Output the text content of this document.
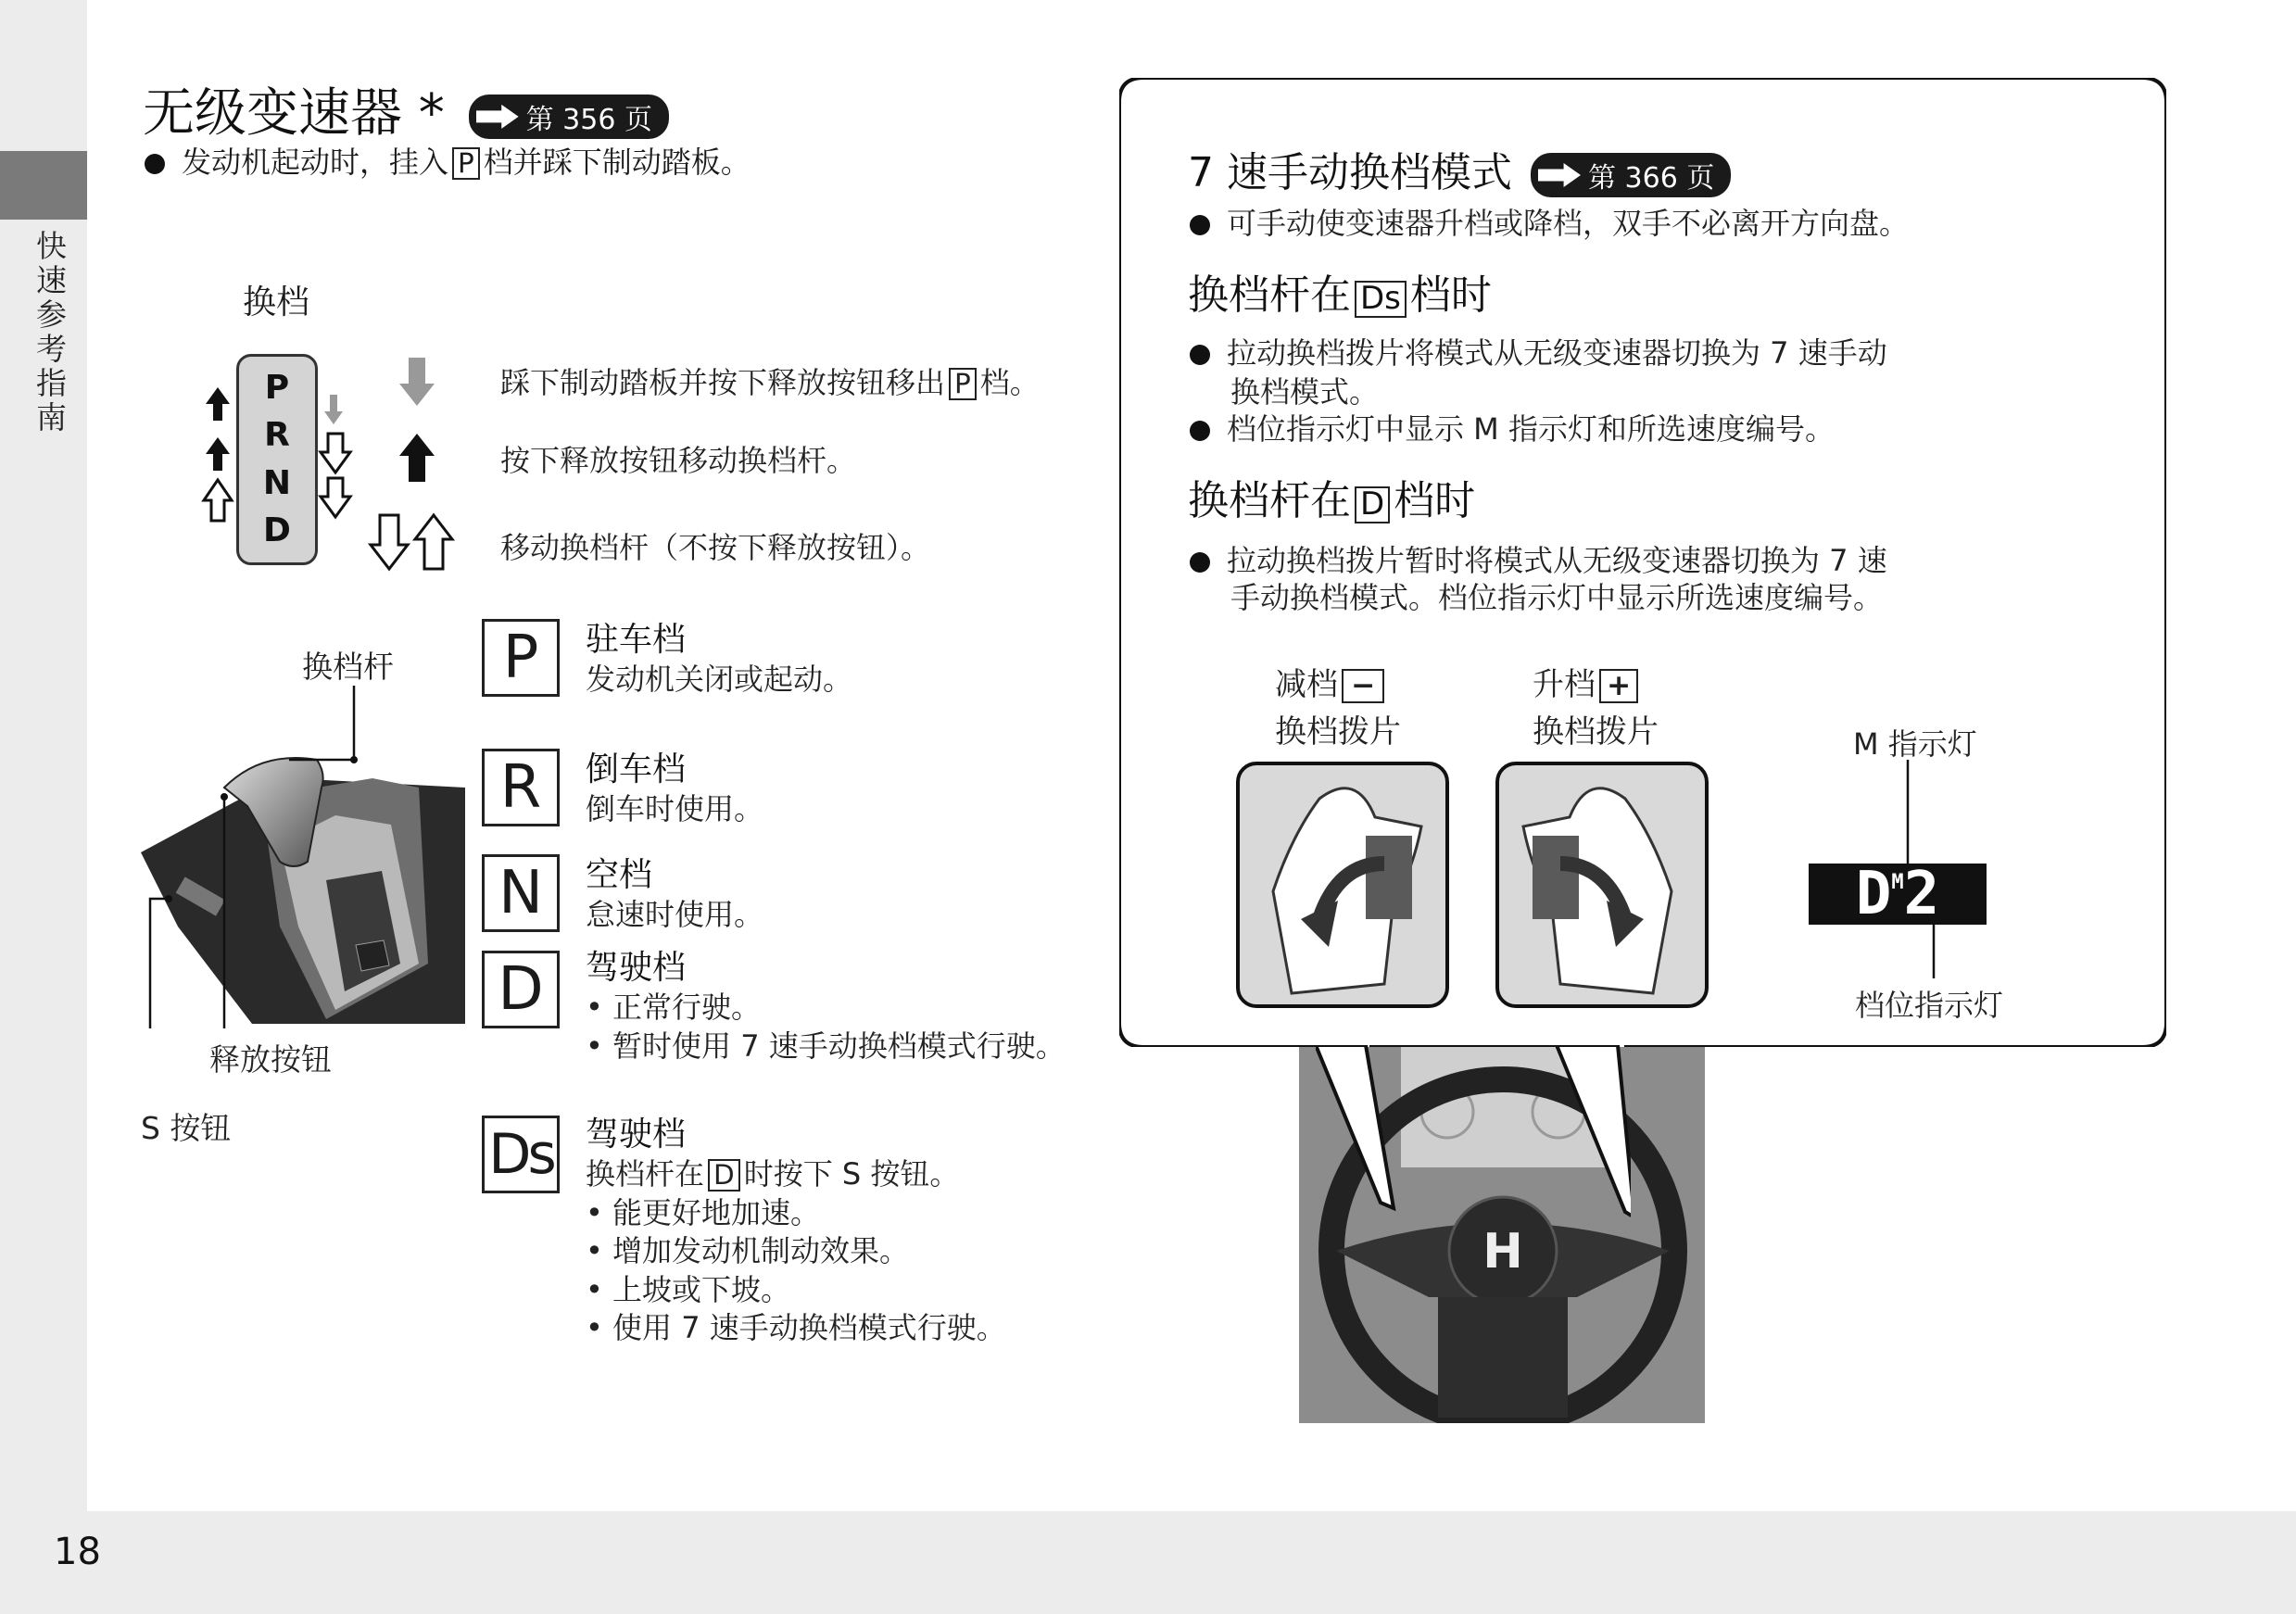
快速参考指南
18
无级变速器 *	第 356 页
发动机起动时，挂入 P 档并踩下制动踏板。
换档
P
R
N
D
踩下制动踏板并按下释放按钮移出 P 档。
按下释放按钮移动换档杆。
移动换档杆（不按下释放按钮）。
换档杆
释放按钮
S 按钮
P	驻车档
发动机关闭或起动。
R	倒车档
倒车时使用。
N	空档
怠速时使用。
D	驾驶档
• 正常行驶。
• 暂时使用 7 速手动换档模式行驶。
Ds 驾驶档
换档杆在 D 时按下 S 按钮。
• 能更好地加速。
• 增加发动机制动效果。
• 上坡或下坡。
• 使用 7 速手动换档模式行驶。
H
7 速手动换档模式	第 366 页
可手动使变速器升档或降档，双手不必离开方向盘。
换档杆在 Ds 档时
拉动换档拨片将模式从无级变速器切换为 7 速手动
换档模式。
档位指示灯中显示 M 指示灯和所选速度编号。
换档杆在 D 档时
拉动换档拨片暂时将模式从无级变速器切换为 7 速
手动换档模式。档位指示灯中显示所选速度编号。
减档 −
换档拨片
升档 +
换档拨片	M 指示灯
D M 2
档位指示灯
